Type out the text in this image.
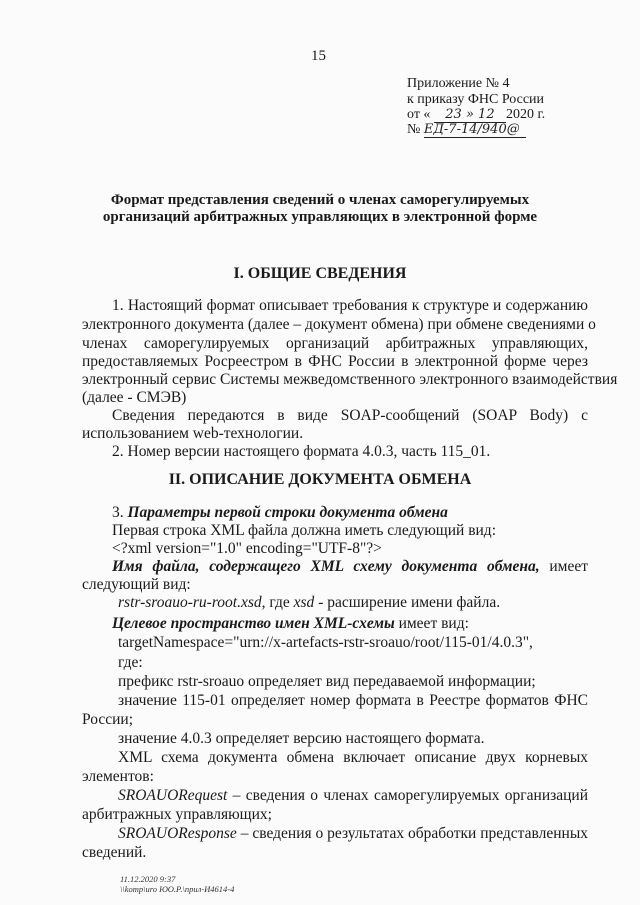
15
Приложение № 4
к приказу ФНС России
от « 23 » 12 2020 г.
№ ЕД-7-14/940@
Формат представления сведений о членах саморегулируемых
организаций арбитражных управляющих в электронной форме
I. ОБЩИЕ СВЕДЕНИЯ
1. Настоящий формат описывает требования к структуре и содержанию
электронного документа (далее – документ обмена) при обмене сведениями о
членах саморегулируемых организаций арбитражных управляющих,
предоставляемых Росреестром в ФНС России в электронной форме через
электронный сервис Системы межведомственного электронного взаимодействия
(далее - СМЭВ)
Сведения передаются в виде SOAP-сообщений (SOAP Body) с
использованием web-технологии.
2. Номер версии настоящего формата 4.0.3, часть 115_01.
II. ОПИСАНИЕ ДОКУМЕНТА ОБМЕНА
3. Параметры первой строки документа обмена
Первая строка XML файла должна иметь следующий вид:
<?xml version="1.0" encoding="UTF-8"?>
Имя файла, содержащего XML схему документа обмена, имеет
следующий вид:
rstr-sroauo-ru-root.xsd, где xsd - расширение имени файла.
Целевое пространство имен XML-схемы имеет вид:
targetNamespace="urn://x-artefacts-rstr-sroauo/root/115-01/4.0.3",
где:
префикс rstr-sroauo определяет вид передаваемой информации;
значение 115-01 определяет номер формата в Реестре форматов ФНС
России;
значение 4.0.3 определяет версию настоящего формата.
XML схема документа обмена включает описание двух корневых
элементов:
SROAUORequest – сведения о членах саморегулируемых организаций
арбитражных управляющих;
SROAUOResponse – сведения о результатах обработки представленных
сведений.
11.12.2020 9:37
\\komp\uro ЮО.Р.\прил-И4614-4
